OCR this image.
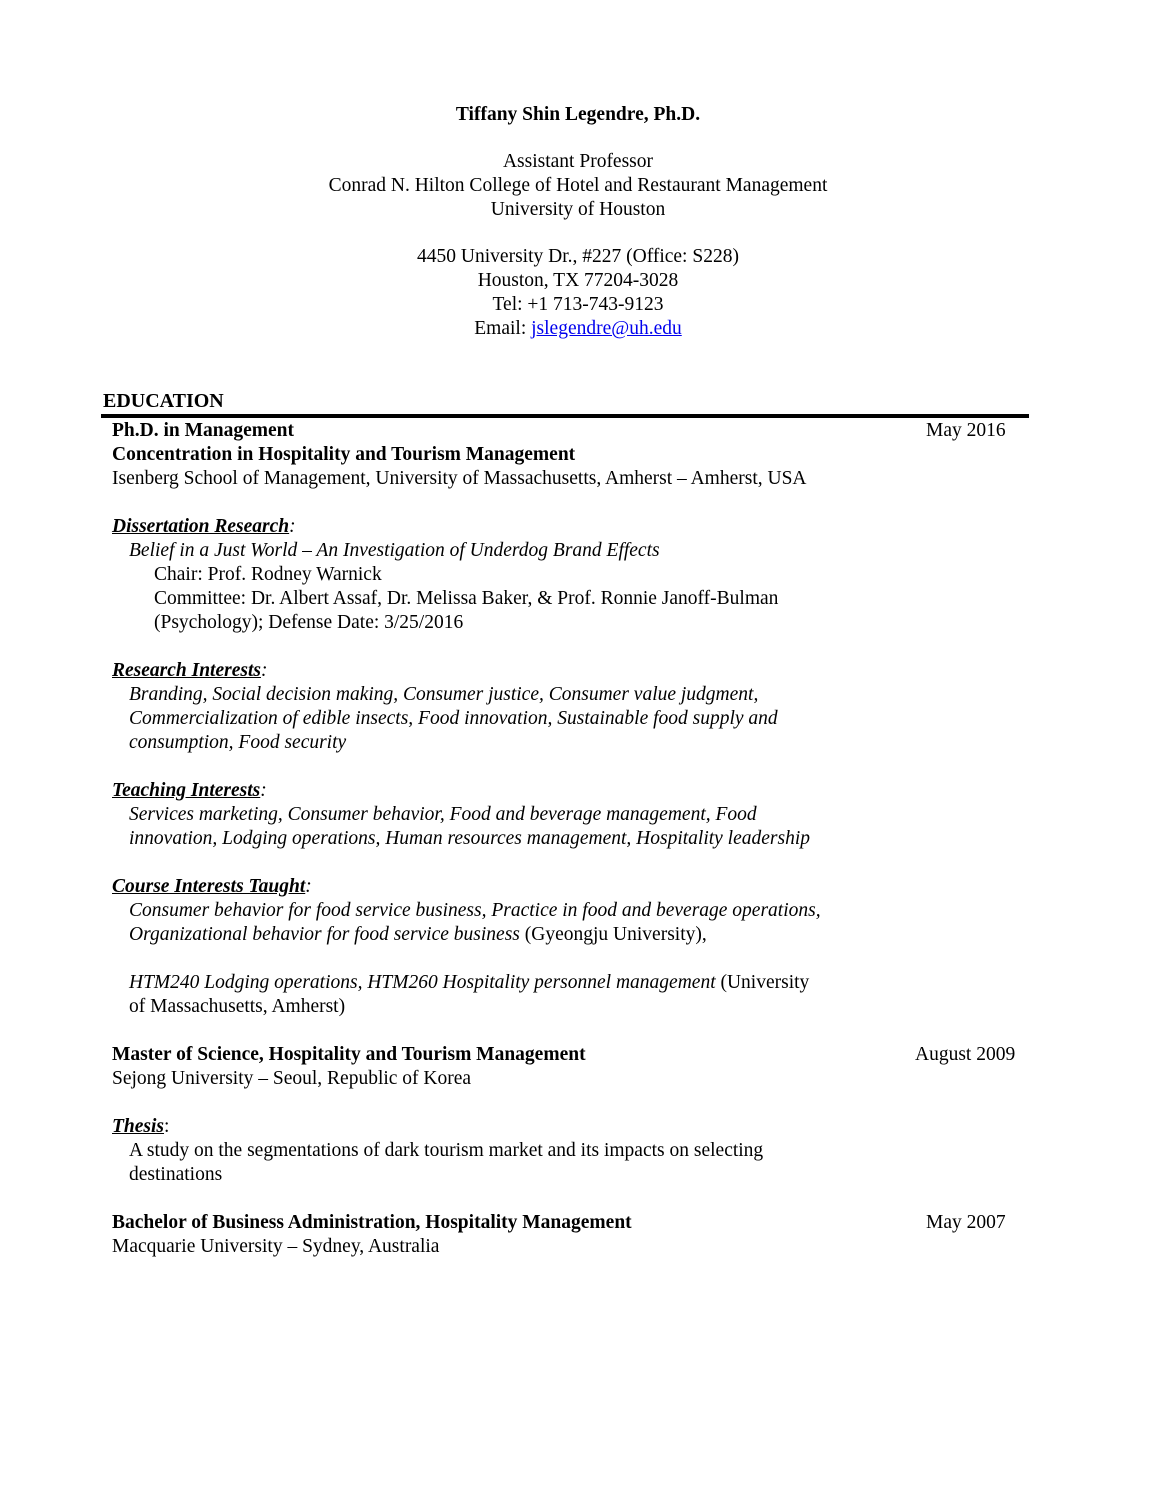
Tiffany Shin Legendre, Ph.D.
Assistant Professor
Conrad N. Hilton College of Hotel and Restaurant Management
University of Houston
4450 University Dr., #227 (Office: S228)
Houston, TX 77204-3028
Tel: +1 713-743-9123
Email: jslegendre@uh.edu
EDUCATION
Ph.D. in Management	May 2016
Concentration in Hospitality and Tourism Management
Isenberg School of Management, University of Massachusetts, Amherst – Amherst, USA
Dissertation Research:
Belief in a Just World – An Investigation of Underdog Brand Effects
Chair: Prof. Rodney Warnick
Committee: Dr. Albert Assaf, Dr. Melissa Baker, & Prof. Ronnie Janoff-Bulman
(Psychology); Defense Date: 3/25/2016
Research Interests:
Branding, Social decision making, Consumer justice, Consumer value judgment,
Commercialization of edible insects, Food innovation, Sustainable food supply and
consumption, Food security
Teaching Interests:
Services marketing, Consumer behavior, Food and beverage management, Food
innovation, Lodging operations, Human resources management, Hospitality leadership
Course Interests Taught:
Consumer behavior for food service business, Practice in food and beverage operations,
Organizational behavior for food service business (Gyeongju University),
HTM240 Lodging operations, HTM260 Hospitality personnel management (University
of Massachusetts, Amherst)
Master of Science, Hospitality and Tourism Management	August 2009
Sejong University – Seoul, Republic of Korea
Thesis:
A study on the segmentations of dark tourism market and its impacts on selecting
destinations
Bachelor of Business Administration, Hospitality Management	May 2007
Macquarie University – Sydney, Australia
